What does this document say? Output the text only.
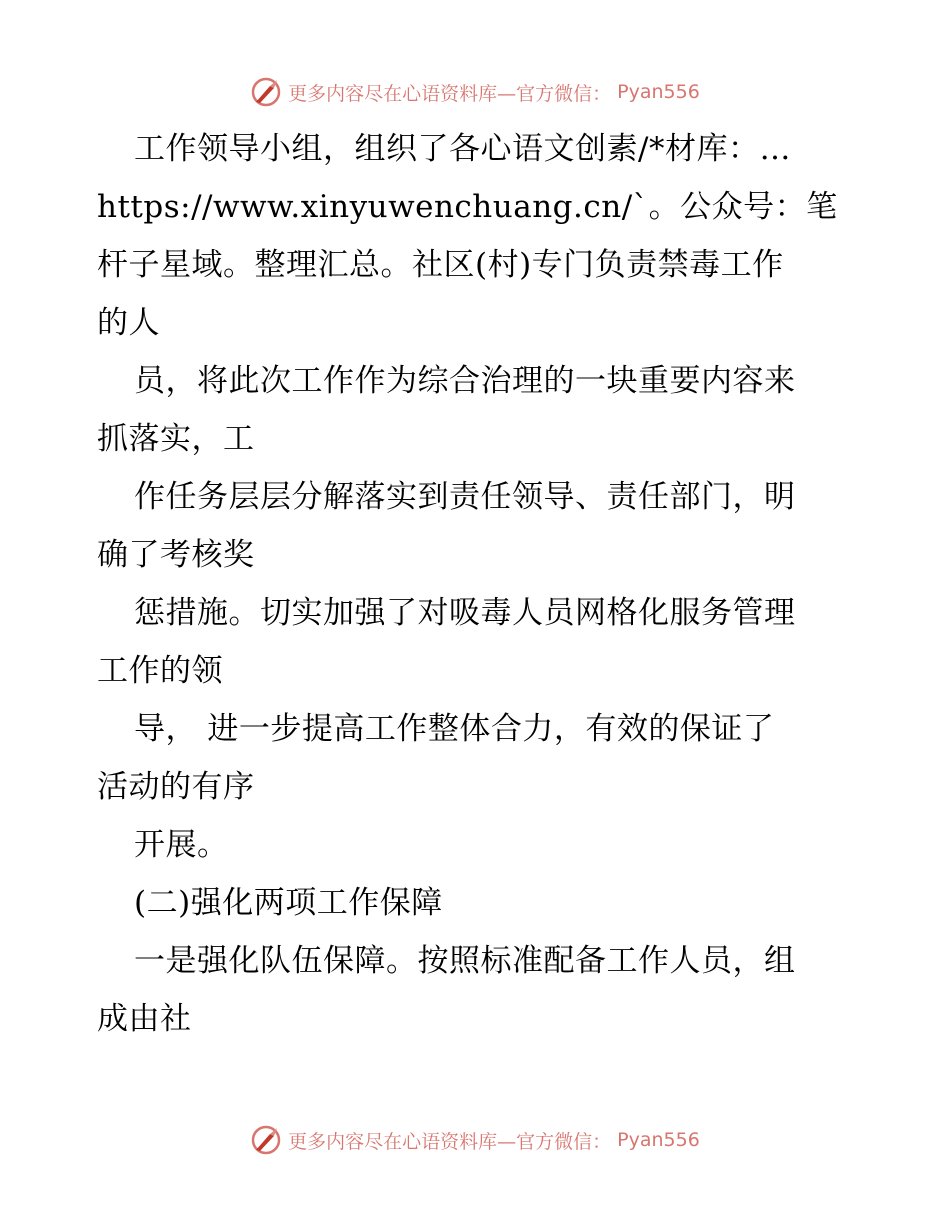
更多内容尽在心语资料库—官方微信： Pyan556
工作领导小组，组织了各心语文创素/*材库：…
https://www.xinyuwenchuang.cn/`。公众号：笔
杆子星域。整理汇总。社区(村)专门负责禁毒工作
的人
员，将此次工作作为综合治理的一块重要内容来
抓落实，工
作任务层层分解落实到责任领导、责任部门，明
确了考核奖
惩措施。切实加强了对吸毒人员网格化服务管理
工作的领
导， 进一步提高工作整体合力，有效的保证了
活动的有序
开展。
(二)强化两项工作保障
一是强化队伍保障。按照标准配备工作人员，组
成由社
更多内容尽在心语资料库—官方微信： Pyan556
